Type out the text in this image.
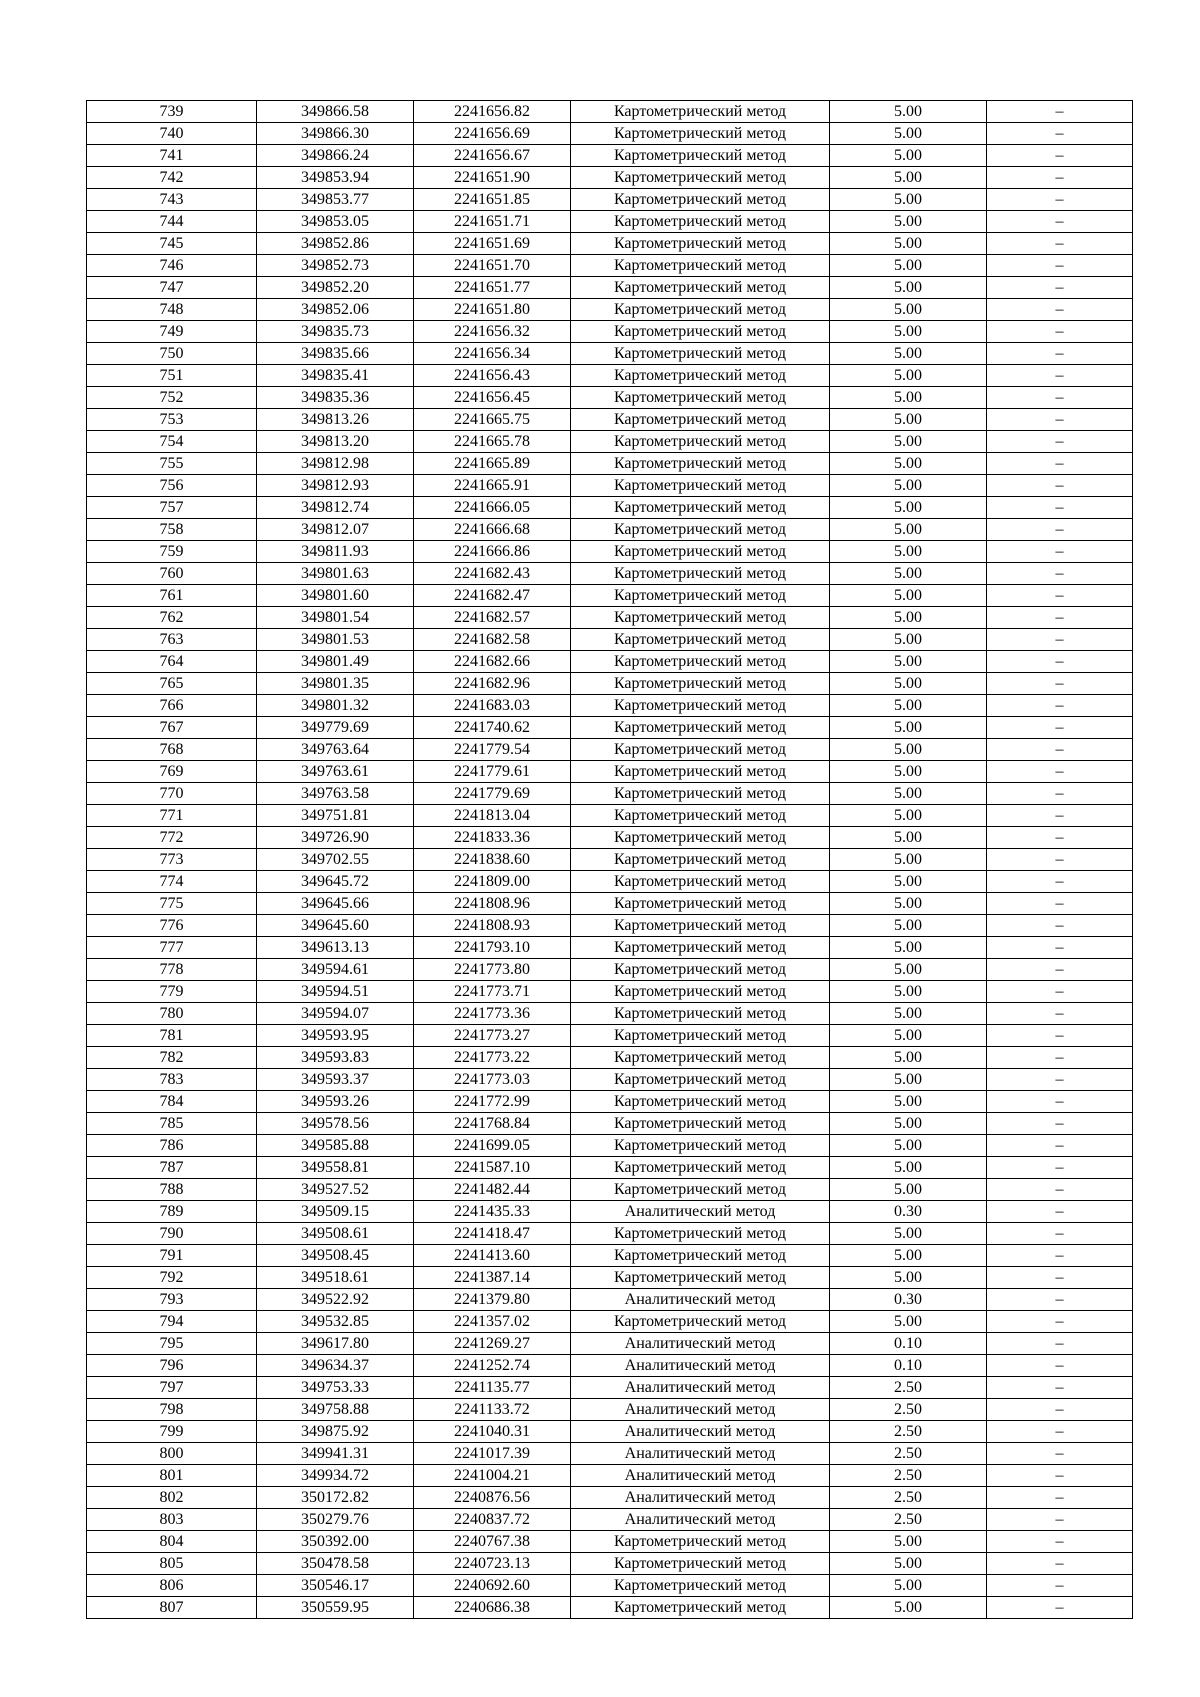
739	349866.58	2241656.82	Картометрический метод	5.00	–
740	349866.30	2241656.69	Картометрический метод	5.00	–
741	349866.24	2241656.67	Картометрический метод	5.00	–
742	349853.94	2241651.90	Картометрический метод	5.00	–
743	349853.77	2241651.85	Картометрический метод	5.00	–
744	349853.05	2241651.71	Картометрический метод	5.00	–
745	349852.86	2241651.69	Картометрический метод	5.00	–
746	349852.73	2241651.70	Картометрический метод	5.00	–
747	349852.20	2241651.77	Картометрический метод	5.00	–
748	349852.06	2241651.80	Картометрический метод	5.00	–
749	349835.73	2241656.32	Картометрический метод	5.00	–
750	349835.66	2241656.34	Картометрический метод	5.00	–
751	349835.41	2241656.43	Картометрический метод	5.00	–
752	349835.36	2241656.45	Картометрический метод	5.00	–
753	349813.26	2241665.75	Картометрический метод	5.00	–
754	349813.20	2241665.78	Картометрический метод	5.00	–
755	349812.98	2241665.89	Картометрический метод	5.00	–
756	349812.93	2241665.91	Картометрический метод	5.00	–
757	349812.74	2241666.05	Картометрический метод	5.00	–
758	349812.07	2241666.68	Картометрический метод	5.00	–
759	349811.93	2241666.86	Картометрический метод	5.00	–
760	349801.63	2241682.43	Картометрический метод	5.00	–
761	349801.60	2241682.47	Картометрический метод	5.00	–
762	349801.54	2241682.57	Картометрический метод	5.00	–
763	349801.53	2241682.58	Картометрический метод	5.00	–
764	349801.49	2241682.66	Картометрический метод	5.00	–
765	349801.35	2241682.96	Картометрический метод	5.00	–
766	349801.32	2241683.03	Картометрический метод	5.00	–
767	349779.69	2241740.62	Картометрический метод	5.00	–
768	349763.64	2241779.54	Картометрический метод	5.00	–
769	349763.61	2241779.61	Картометрический метод	5.00	–
770	349763.58	2241779.69	Картометрический метод	5.00	–
771	349751.81	2241813.04	Картометрический метод	5.00	–
772	349726.90	2241833.36	Картометрический метод	5.00	–
773	349702.55	2241838.60	Картометрический метод	5.00	–
774	349645.72	2241809.00	Картометрический метод	5.00	–
775	349645.66	2241808.96	Картометрический метод	5.00	–
776	349645.60	2241808.93	Картометрический метод	5.00	–
777	349613.13	2241793.10	Картометрический метод	5.00	–
778	349594.61	2241773.80	Картометрический метод	5.00	–
779	349594.51	2241773.71	Картометрический метод	5.00	–
780	349594.07	2241773.36	Картометрический метод	5.00	–
781	349593.95	2241773.27	Картометрический метод	5.00	–
782	349593.83	2241773.22	Картометрический метод	5.00	–
783	349593.37	2241773.03	Картометрический метод	5.00	–
784	349593.26	2241772.99	Картометрический метод	5.00	–
785	349578.56	2241768.84	Картометрический метод	5.00	–
786	349585.88	2241699.05	Картометрический метод	5.00	–
787	349558.81	2241587.10	Картометрический метод	5.00	–
788	349527.52	2241482.44	Картометрический метод	5.00	–
789	349509.15	2241435.33	Аналитический метод	0.30	–
790	349508.61	2241418.47	Картометрический метод	5.00	–
791	349508.45	2241413.60	Картометрический метод	5.00	–
792	349518.61	2241387.14	Картометрический метод	5.00	–
793	349522.92	2241379.80	Аналитический метод	0.30	–
794	349532.85	2241357.02	Картометрический метод	5.00	–
795	349617.80	2241269.27	Аналитический метод	0.10	–
796	349634.37	2241252.74	Аналитический метод	0.10	–
797	349753.33	2241135.77	Аналитический метод	2.50	–
798	349758.88	2241133.72	Аналитический метод	2.50	–
799	349875.92	2241040.31	Аналитический метод	2.50	–
800	349941.31	2241017.39	Аналитический метод	2.50	–
801	349934.72	2241004.21	Аналитический метод	2.50	–
802	350172.82	2240876.56	Аналитический метод	2.50	–
803	350279.76	2240837.72	Аналитический метод	2.50	–
804	350392.00	2240767.38	Картометрический метод	5.00	–
805	350478.58	2240723.13	Картометрический метод	5.00	–
806	350546.17	2240692.60	Картометрический метод	5.00	–
807	350559.95	2240686.38	Картометрический метод	5.00	–
